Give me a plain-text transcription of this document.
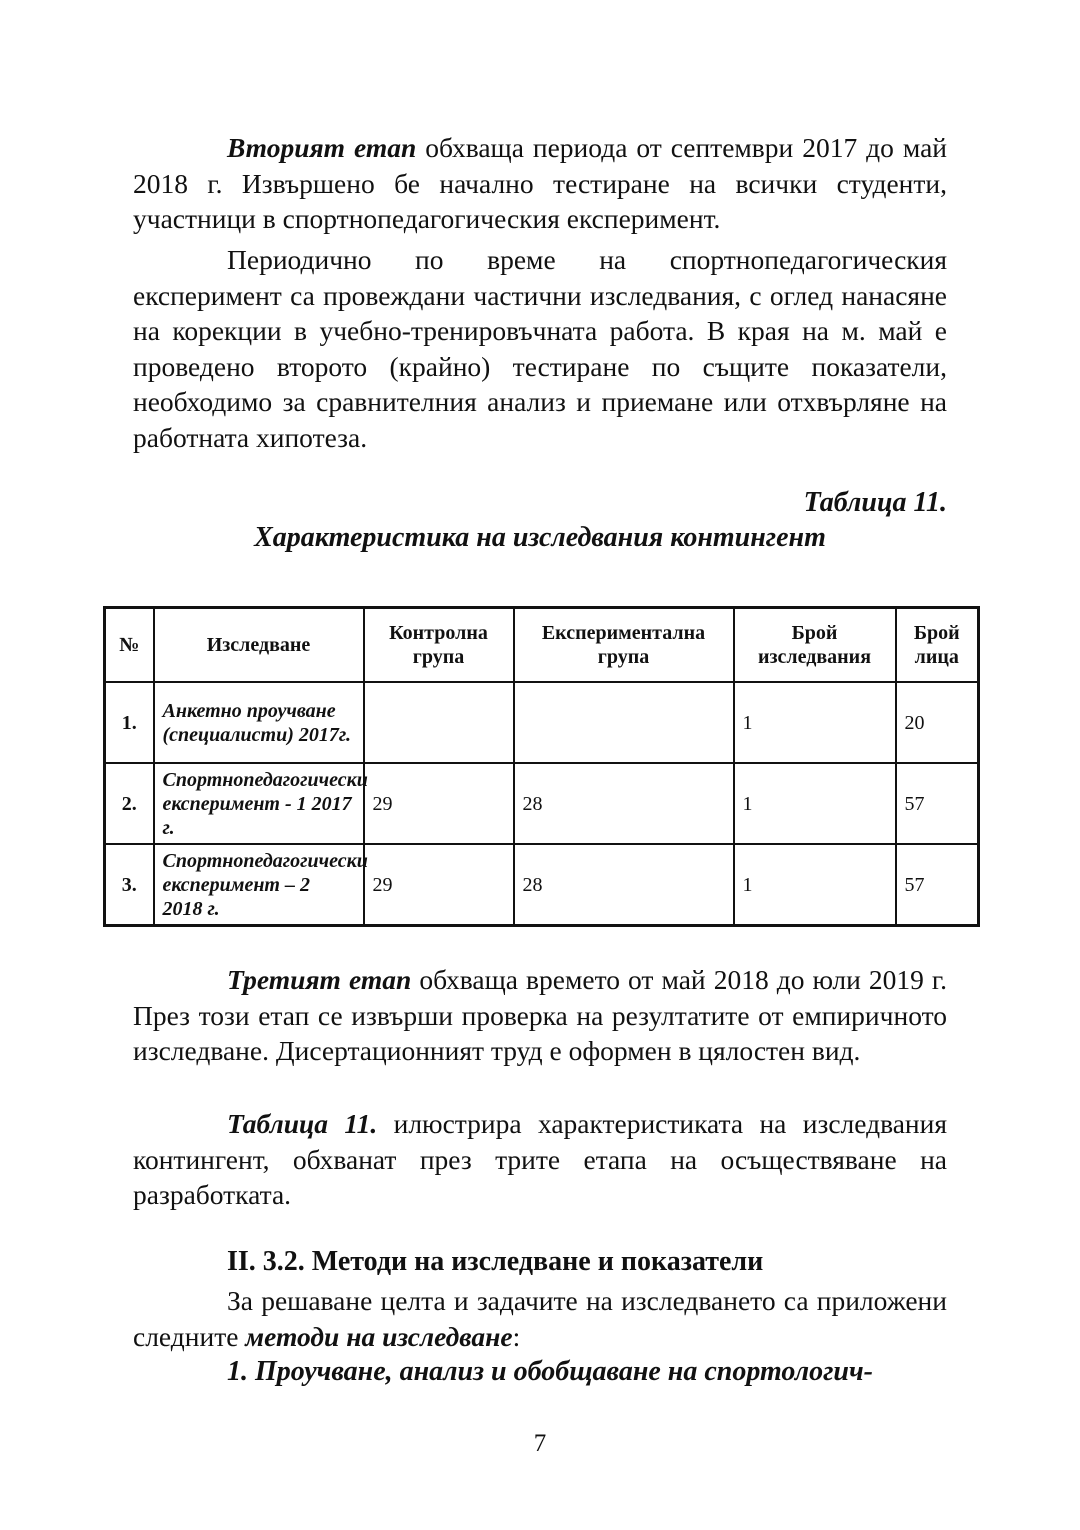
Вторият етап обхваща периода от септември 2017 до май 2018 г. Извършено бе начално тестиране на всички студенти, участници в спортнопедагогическия експеримент.

Периодично по време на спортнопедагогическия експеримент са провеждани частични изследвания, с оглед нанасяне на корекции в учебно-тренировъчната работа. В края на м. май е проведено второто (крайно) тестиране по същите показатели, необходимо за сравнителния анализ и приемане или отхвърляне на работната хипотеза.

Таблица 11.
Характеристика на изследвания контингент
№	Изследване	Контролна група	Експериментална група	Брой изследвания	Брой лица
1.	Анкетно проучване (специалисти) 2017г.			1	20
2.	Спортнопедагогически експеримент - 1 2017 г.	29	28	1	57
3.	Спортнопедагогически експеримент – 2 2018 г.	29	28	1	57

Третият етап обхваща времето от май 2018 до юли 2019 г. През този етап се извърши проверка на резултатите от емпиричното изследване. Дисертационният труд е оформен в цялостен вид.

Таблица 11. илюстрира характеристиката на изследвания контингент, обхванат през трите етапа на осъществяване на разработката.

II. 3.2. Методи на изследване и показатели

За решаване целта и задачите на изследването са приложени следните методи на изследване:

1. Проучване, анализ и обобщаване на спортологич-
7
